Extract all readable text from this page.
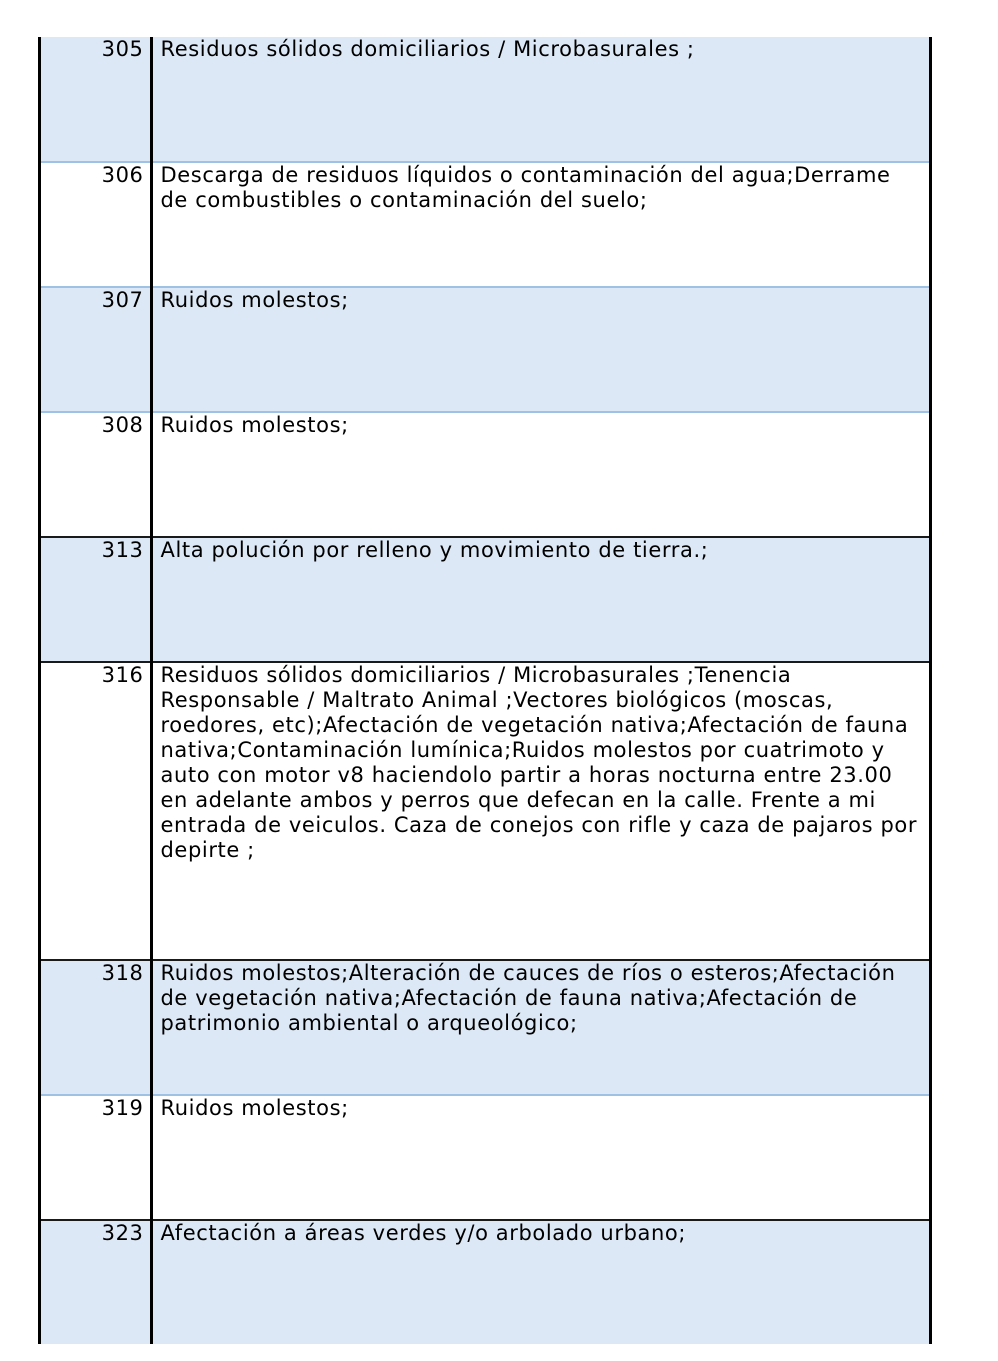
305	Residuos sólidos domiciliarios / Microbasurales ;
306	Descarga de residuos líquidos o contaminación del agua;Derrame de combustibles o contaminación del suelo;
307	Ruidos molestos;
308	Ruidos molestos;
313	Alta polución por relleno y movimiento de tierra.;
316	Residuos sólidos domiciliarios / Microbasurales ;Tenencia Responsable / Maltrato Animal ;Vectores biológicos (moscas, roedores, etc);Afectación de vegetación nativa;Afectación de fauna nativa;Contaminación lumínica;Ruidos molestos por cuatrimoto y auto con motor v8 haciendolo partir a horas nocturna entre 23.00 en adelante ambos y perros que defecan en la calle. Frente a mi entrada de veiculos. Caza de conejos con rifle y caza de pajaros por depirte ;
318	Ruidos molestos;Alteración de cauces de ríos o esteros;Afectación de vegetación nativa;Afectación de fauna nativa;Afectación de patrimonio ambiental o arqueológico;
319	Ruidos molestos;
323	Afectación a áreas verdes y/o arbolado urbano;
